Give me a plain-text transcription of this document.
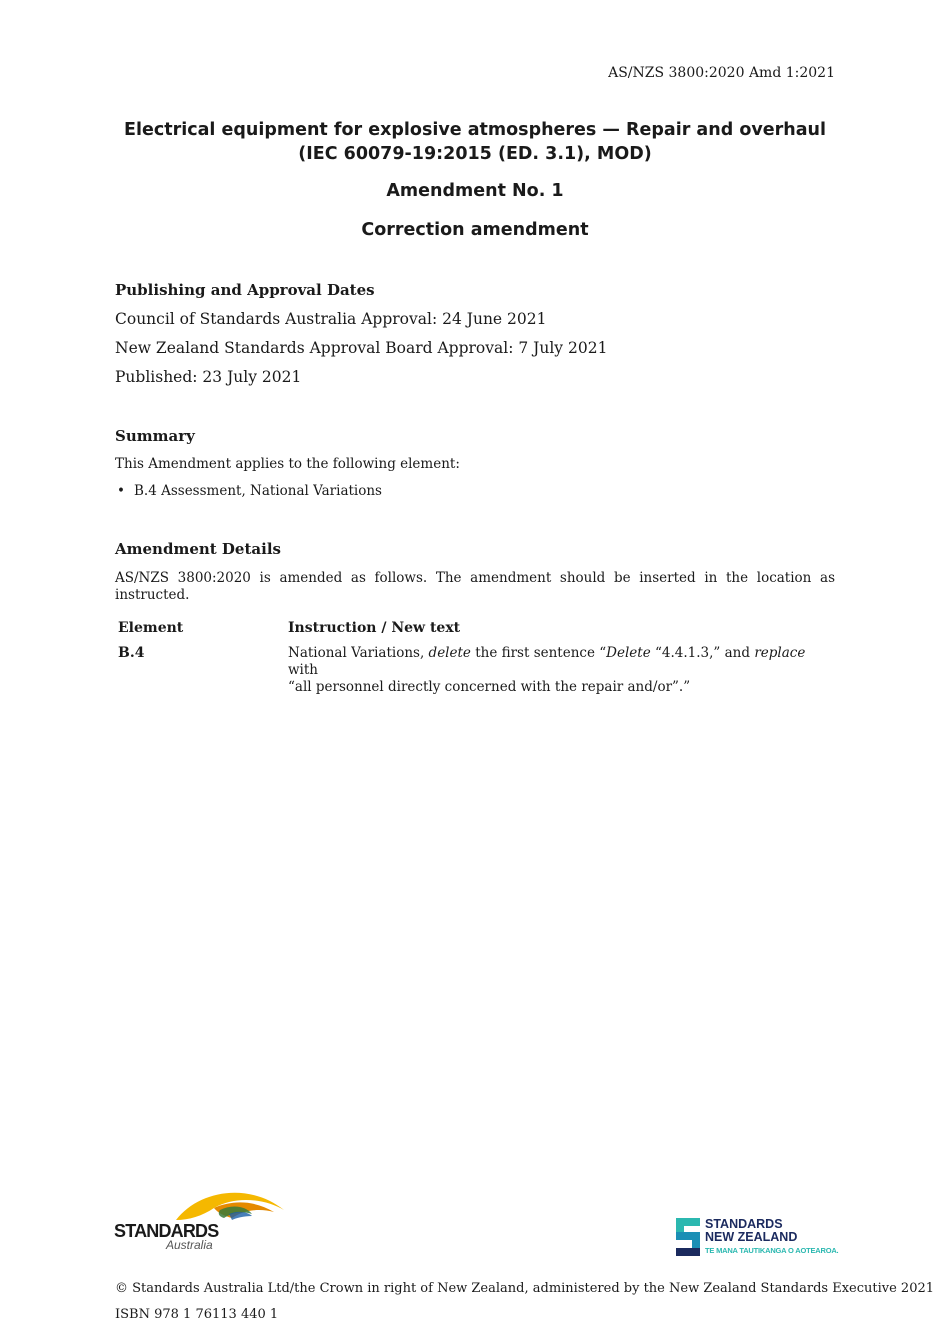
AS/NZS 3800:2020 Amd 1:2021
Electrical equipment for explosive atmospheres — Repair and overhaul
(IEC 60079-19:2015 (ED. 3.1), MOD)
Amendment No. 1
Correction amendment
Publishing and Approval Dates
Council of Standards Australia Approval: 24 June 2021
New Zealand Standards Approval Board Approval: 7 July 2021
Published: 23 July 2021
Summary
This Amendment applies to the following element:
• B.4 Assessment, National Variations
Amendment Details
AS/NZS 3800:2020 is amended as follows. The amendment should be inserted in the location as instructed.
Element	Instruction / New text
B.4	National Variations, delete the first sentence “Delete “4.4.1.3,” and replace with
“all personnel directly concerned with the repair and/or”.”
STANDARDS
Australia
STANDARDS
NEW ZEALAND
TE MANA TAUTIKANGA O AOTEAROA.
© Standards Australia Ltd/the Crown in right of New Zealand, administered by the New Zealand Standards Executive 2021
ISBN 978 1 76113 440 1
